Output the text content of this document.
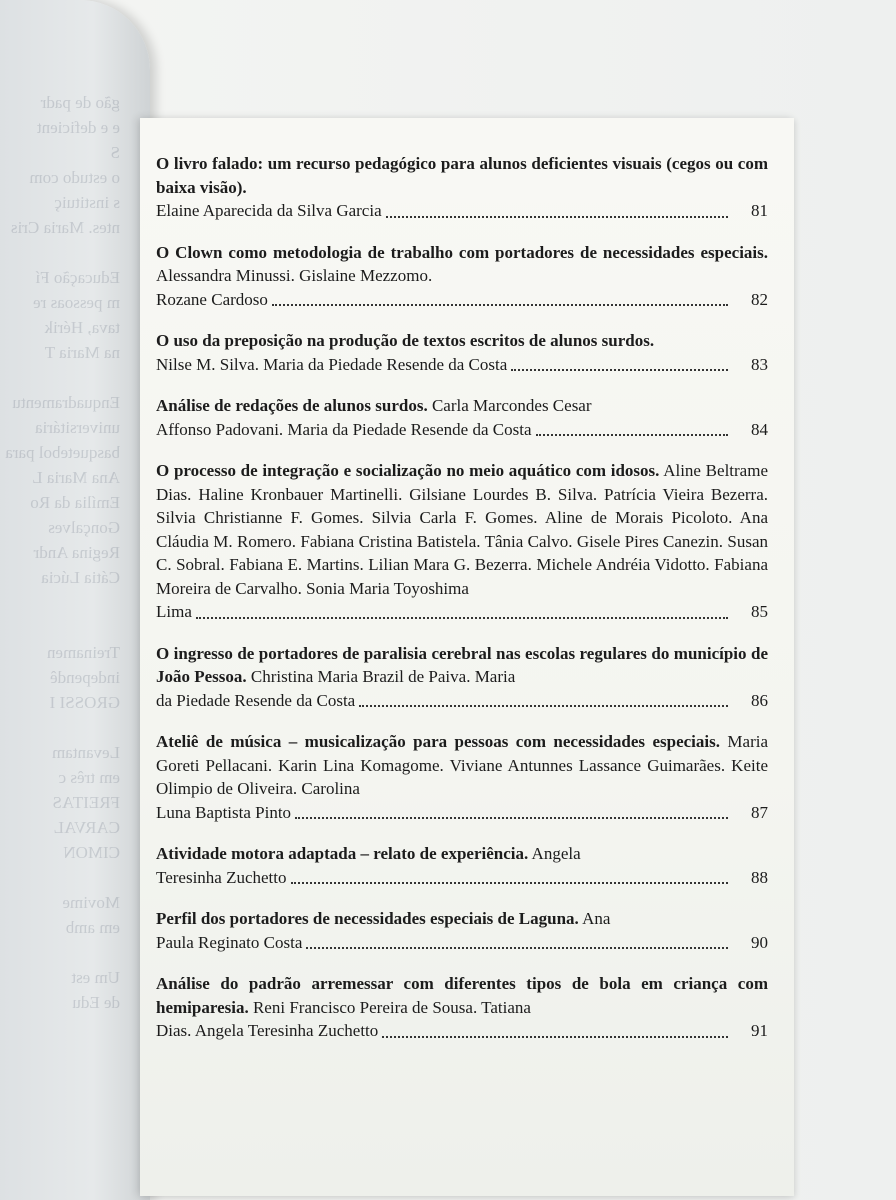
gão de padr
e e deficient
S
o estudo com
s instituiç
ntes. Maria Cris

Educação Fí
m pessoas re
tava, Hérik
na Maria T

Enquadramentu
universitária
basquetebol para
Ana Maria L
Emília da Ro
Gonçalves
Regina Andr
Cátia Lúcia

Treinamen
independê
GROSSI I

Levantam
em três c
FREITAS
CARVAL
CIMON

Movime
em amb

Um est
de Edu
O livro falado: um recurso pedagógico para alunos deficientes visuais (cegos ou com baixa visão).
Elaine Aparecida da Silva Garcia	81
O Clown como metodologia de trabalho com portadores de necessidades especiais. Alessandra Minussi. Gislaine Mezzomo.
Rozane Cardoso	82
O uso da preposição na produção de textos escritos de alunos surdos.
Nilse M. Silva. Maria da Piedade Resende da Costa	83
Análise de redações de alunos surdos. Carla Marcondes Cesar
Affonso Padovani. Maria da Piedade Resende da Costa	84
O processo de integração e socialização no meio aquático com idosos. Aline Beltrame Dias. Haline Kronbauer Martinelli. Gilsiane Lourdes B. Silva. Patrícia Vieira Bezerra. Silvia Christianne F. Gomes. Silvia Carla F. Gomes. Aline de Morais Picoloto. Ana Cláudia M. Romero. Fabiana Cristina Batistela. Tânia Calvo. Gisele Pires Canezin. Susan C. Sobral. Fabiana E. Martins. Lilian Mara G. Bezerra. Michele Andréia Vidotto. Fabiana Moreira de Carvalho. Sonia Maria Toyoshima
Lima	85
O ingresso de portadores de paralisia cerebral nas escolas regulares do município de João Pessoa. Christina Maria Brazil de Paiva. Maria
da Piedade Resende da Costa	86
Ateliê de música – musicalização para pessoas com necessidades especiais. Maria Goreti Pellacani. Karin Lina Komagome. Viviane Antunnes Lassance Guimarães. Keite Olimpio de Oliveira. Carolina
Luna Baptista Pinto	87
Atividade motora adaptada – relato de experiência. Angela
Teresinha Zuchetto	88
Perfil dos portadores de necessidades especiais de Laguna. Ana
Paula Reginato Costa	90
Análise do padrão arremessar com diferentes tipos de bola em criança com hemiparesia. Reni Francisco Pereira de Sousa. Tatiana
Dias. Angela Teresinha Zuchetto	91
